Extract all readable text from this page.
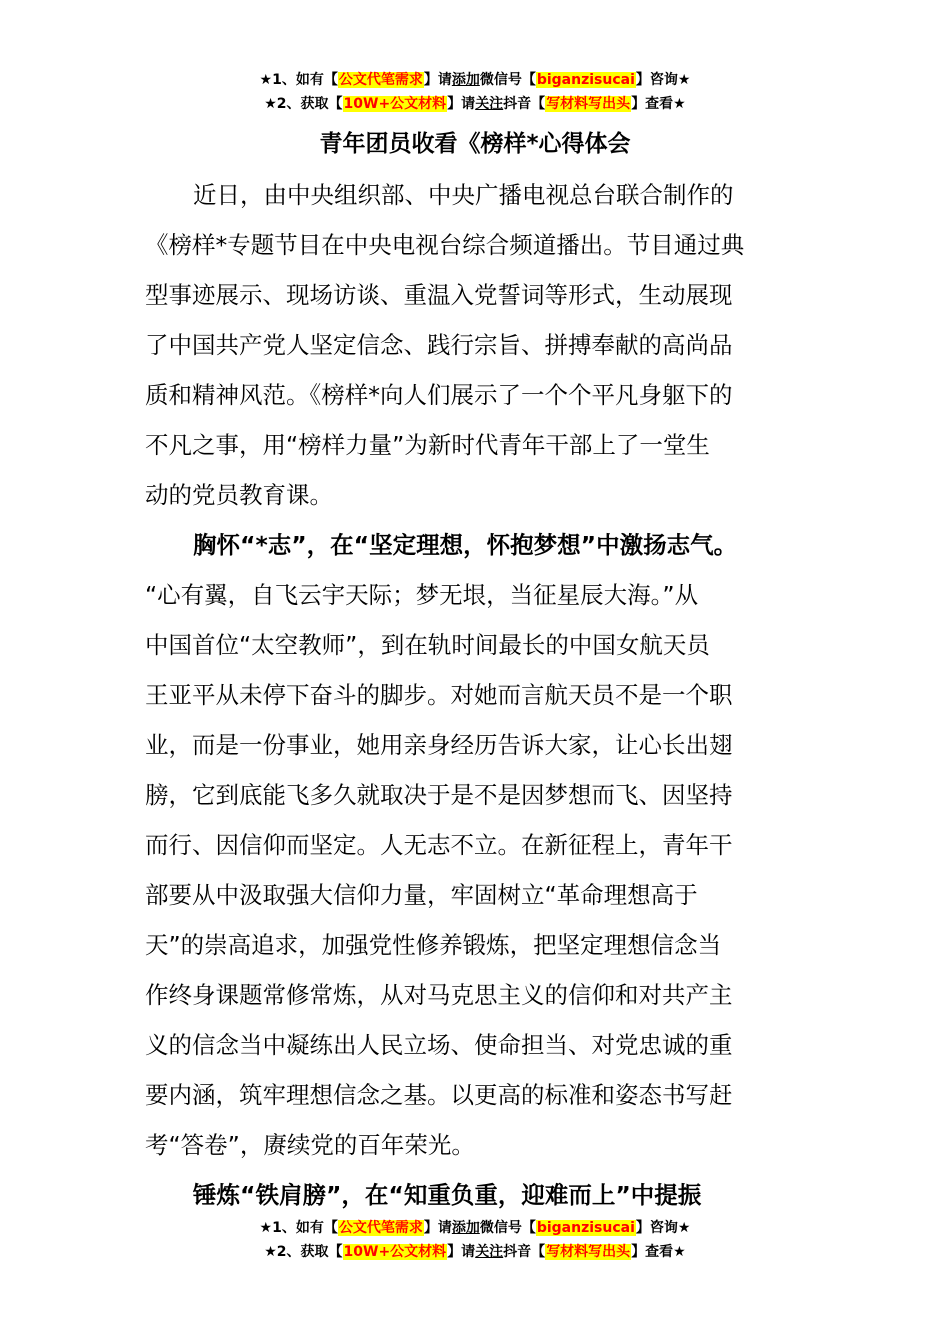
★1、如有【公文代笔需求】请添加微信号【biganzisucai】咨询★
★2、获取【10W+公文材料】请关注抖音【写材料写出头】查看★
青年团员收看《榜样*心得体会
近日，由中央组织部、中央广播电视总台联合制作的
《榜样*专题节目在中央电视台综合频道播出。节目通过典
型事迹展示、现场访谈、重温入党誓词等形式，生动展现
了中国共产党人坚定信念、践行宗旨、拼搏奉献的高尚品
质和精神风范。《榜样*向人们展示了一个个平凡身躯下的
不凡之事，用“榜样力量”为新时代青年干部上了一堂生
动的党员教育课。
胸怀“*志”，在“坚定理想，怀抱梦想”中激扬志气。
“心有翼，自飞云宇天际；梦无垠，当征星辰大海。”从
中国首位“太空教师”，到在轨时间最长的中国女航天员
王亚平从未停下奋斗的脚步。对她而言航天员不是一个职
业，而是一份事业，她用亲身经历告诉大家，让心长出翅
膀，它到底能飞多久就取决于是不是因梦想而飞、因坚持
而行、因信仰而坚定。人无志不立。在新征程上，青年干
部要从中汲取强大信仰力量，牢固树立“革命理想高于
天”的崇高追求，加强党性修养锻炼，把坚定理想信念当
作终身课题常修常炼，从对马克思主义的信仰和对共产主
义的信念当中凝练出人民立场、使命担当、对党忠诚的重
要内涵，筑牢理想信念之基。以更高的标准和姿态书写赶
考“答卷”，赓续党的百年荣光。
锤炼“铁肩膀”，在“知重负重，迎难而上”中提振
★1、如有【公文代笔需求】请添加微信号【biganzisucai】咨询★
★2、获取【10W+公文材料】请关注抖音【写材料写出头】查看★
